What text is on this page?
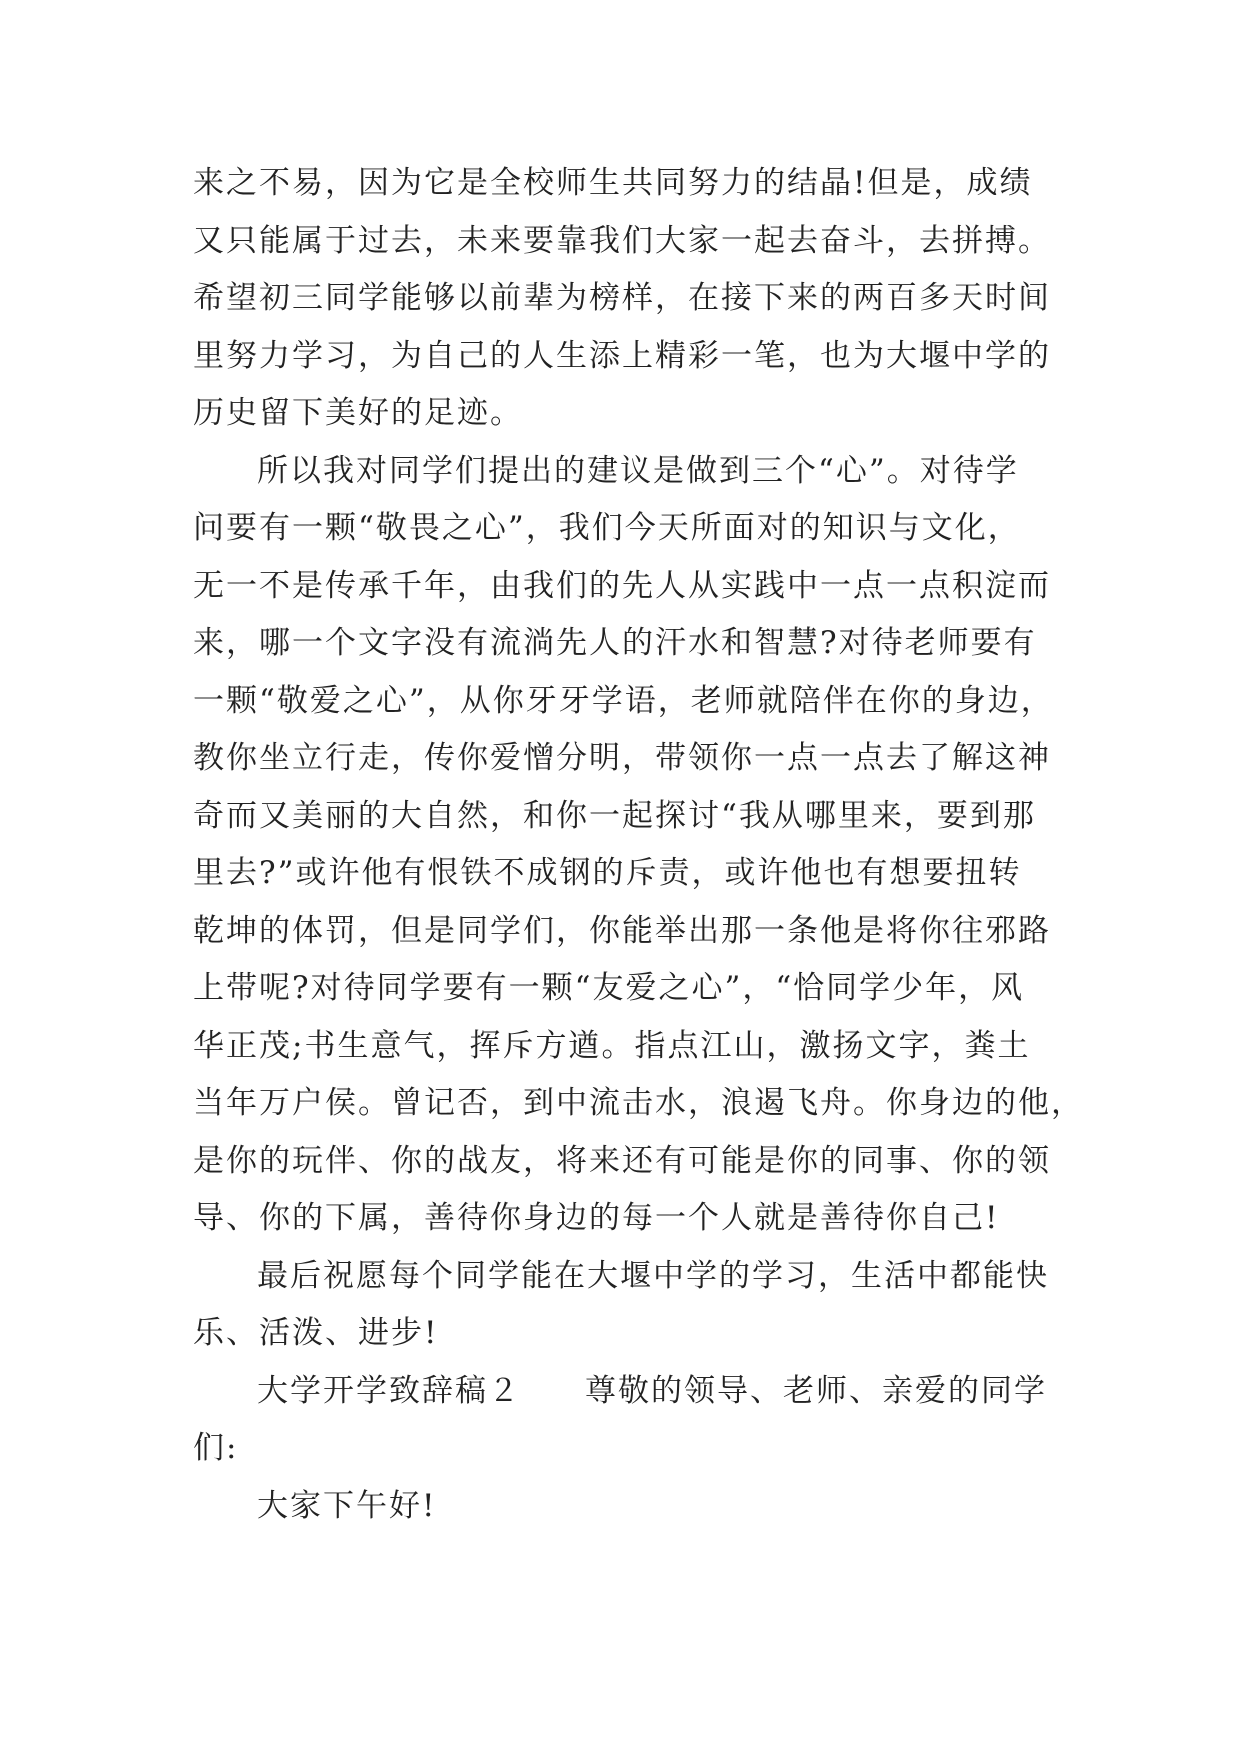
来之不易，因为它是全校师生共同努力的结晶!但是，成绩
又只能属于过去，未来要靠我们大家一起去奋斗，去拼搏。
希望初三同学能够以前辈为榜样，在接下来的两百多天时间
里努力学习，为自己的人生添上精彩一笔，也为大堰中学的
历史留下美好的足迹。
所以我对同学们提出的建议是做到三个“心”。对待学
问要有一颗“敬畏之心”，我们今天所面对的知识与文化，
无一不是传承千年，由我们的先人从实践中一点一点积淀而
来，哪一个文字没有流淌先人的汗水和智慧?对待老师要有
一颗“敬爱之心”，从你牙牙学语，老师就陪伴在你的身边，
教你坐立行走，传你爱憎分明，带领你一点一点去了解这神
奇而又美丽的大自然，和你一起探讨“我从哪里来，要到那
里去?”或许他有恨铁不成钢的斥责，或许他也有想要扭转
乾坤的体罚，但是同学们，你能举出那一条他是将你往邪路
上带呢?对待同学要有一颗“友爱之心”，“恰同学少年，风
华正茂;书生意气，挥斥方遒。指点江山，激扬文字，粪土
当年万户侯。曾记否，到中流击水，浪遏飞舟。你身边的他，
是你的玩伴、你的战友，将来还有可能是你的同事、你的领
导、你的下属，善待你身边的每一个人就是善待你自己!
最后祝愿每个同学能在大堰中学的学习，生活中都能快
乐、活泼、进步!
大学开学致辞稿２ 尊敬的领导、老师、亲爱的同学
们:
大家下午好!
